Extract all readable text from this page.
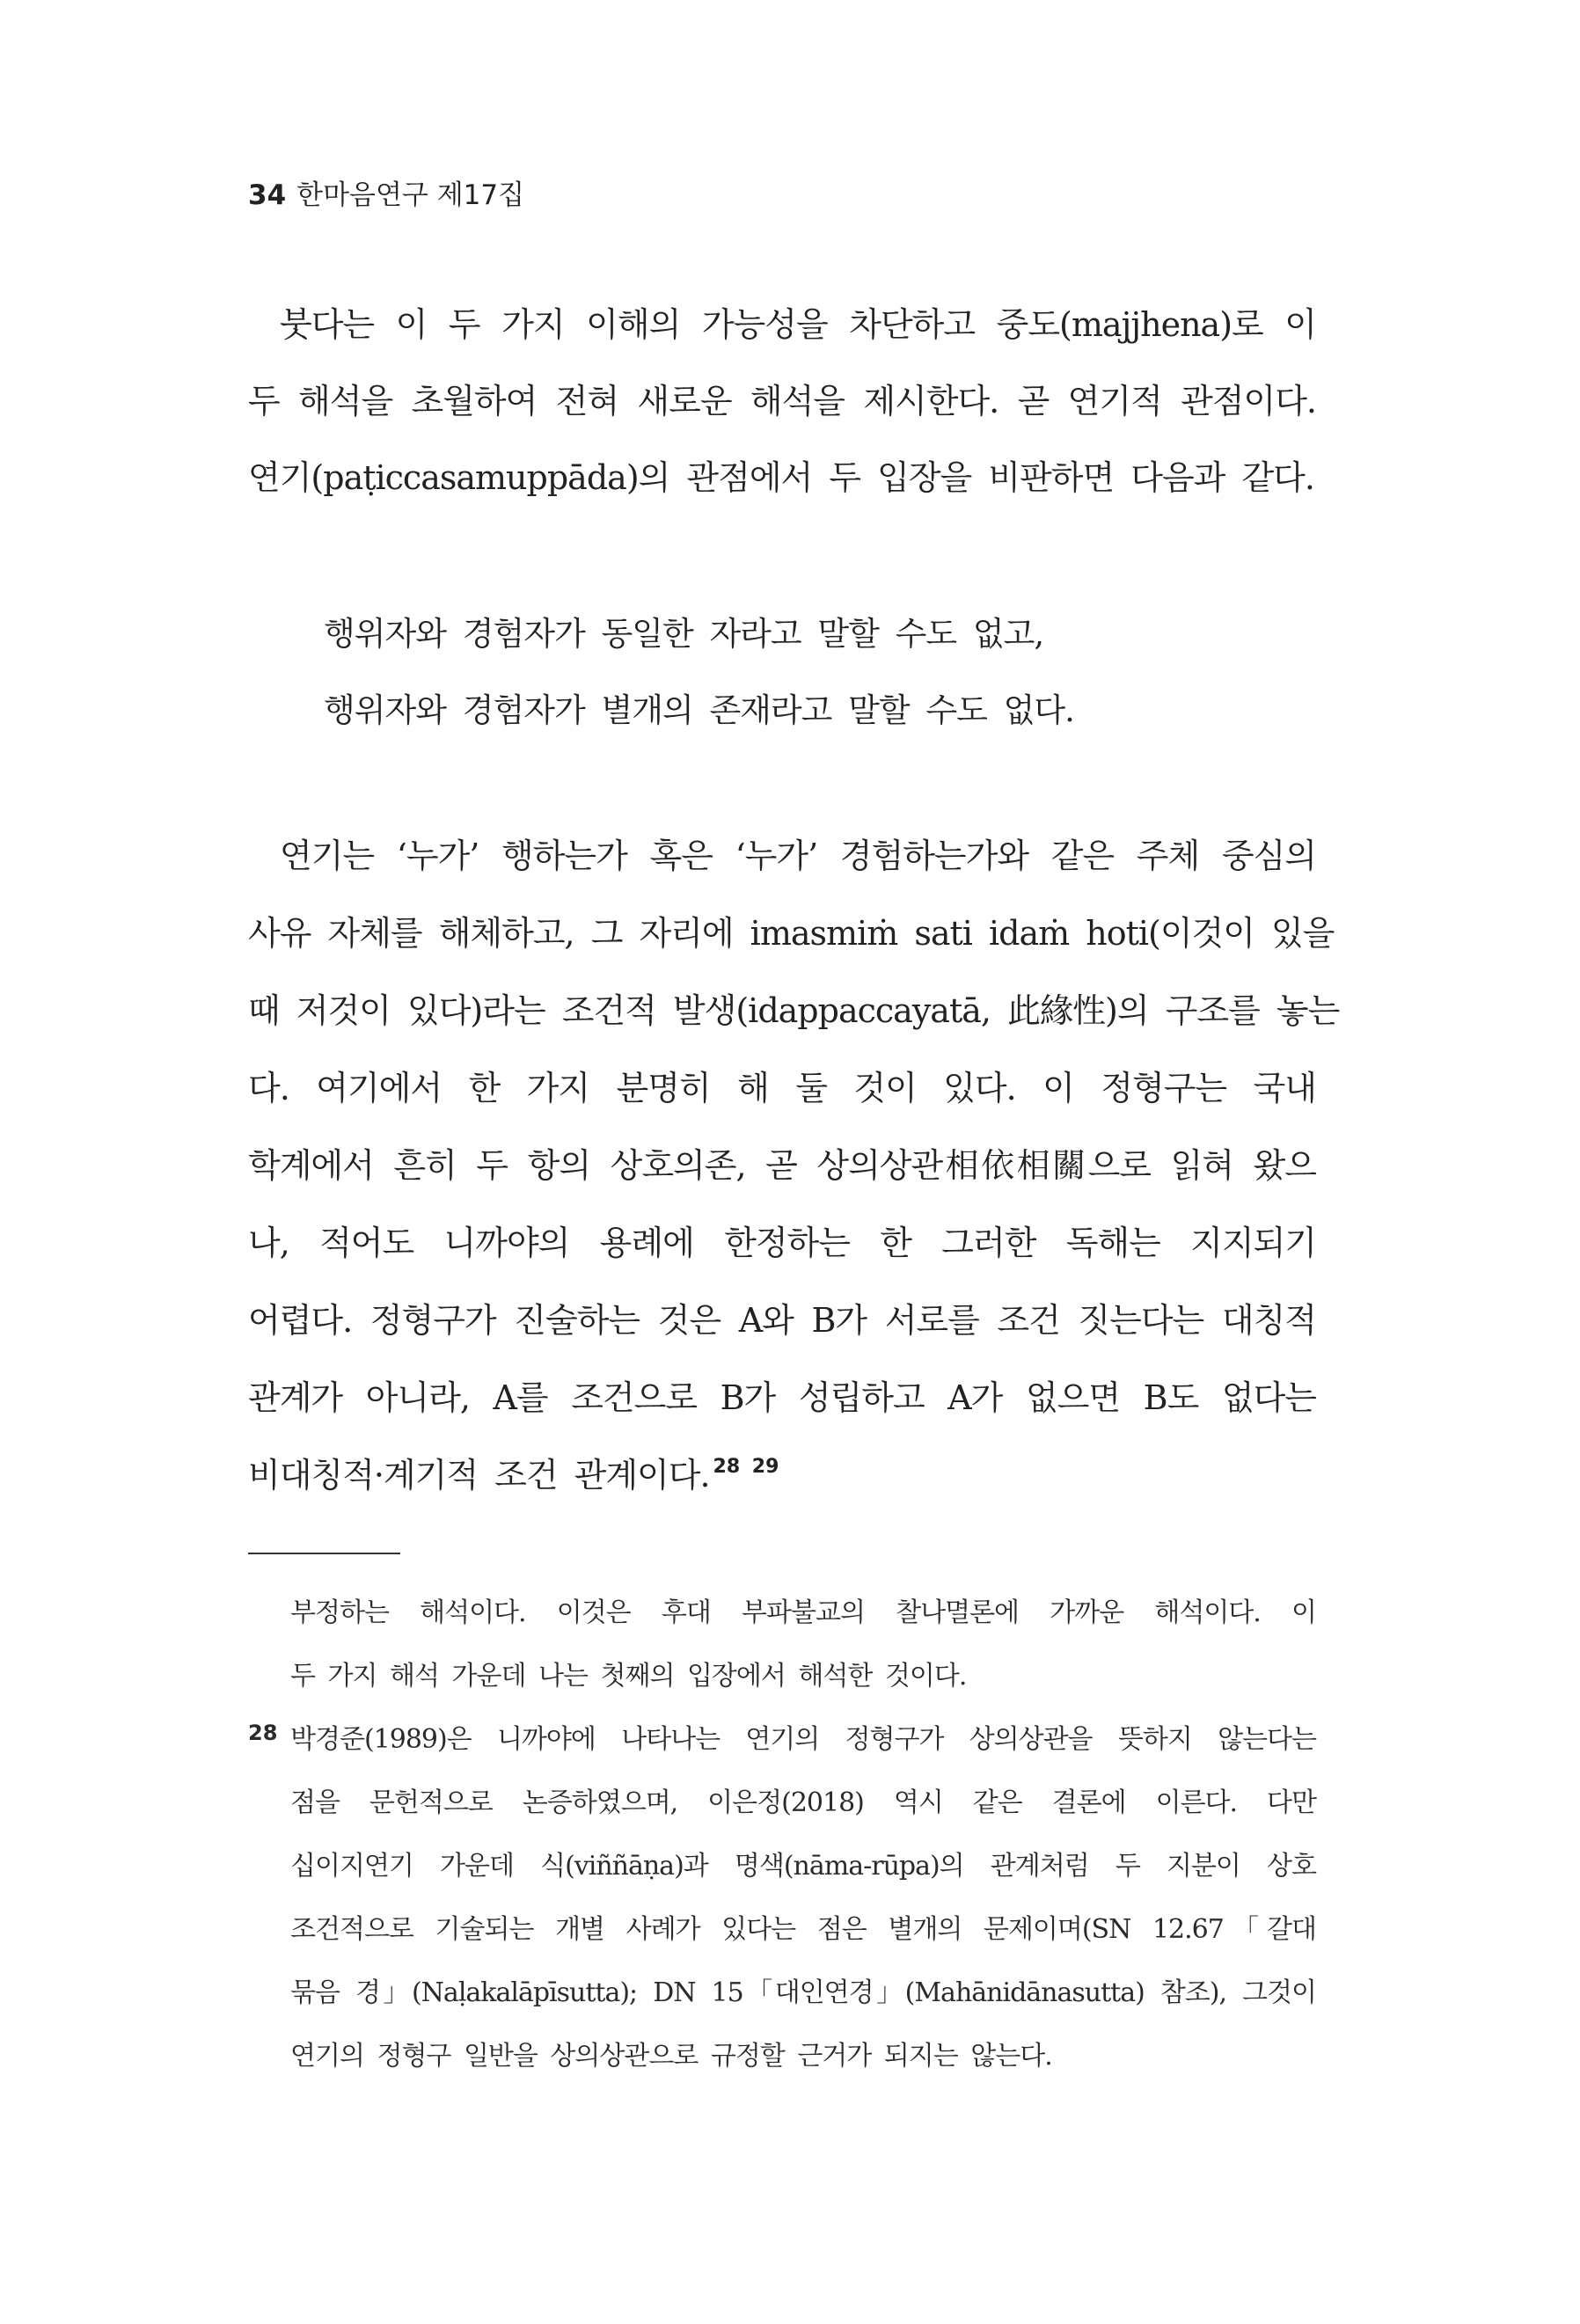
34 한마음연구 제17집
붓다는 이 두 가지 이해의 가능성을 차단하고 중도(majjhena)로 이
두 해석을 초월하여 전혀 새로운 해석을 제시한다. 곧 연기적 관점이다.
연기(paṭiccasamuppāda)의 관점에서 두 입장을 비판하면 다음과 같다.
행위자와 경험자가 동일한 자라고 말할 수도 없고,
행위자와 경험자가 별개의 존재라고 말할 수도 없다.
연기는 ‘누가’ 행하는가 혹은 ‘누가’ 경험하는가와 같은 주체 중심의
사유 자체를 해체하고, 그 자리에 imasmiṁ sati idaṁ hoti(이것이 있을
때 저것이 있다)라는 조건적 발생(idappaccayatā, 此緣性)의 구조를 놓는
다. 여기에서 한 가지 분명히 해 둘 것이 있다. 이 정형구는 국내
학계에서 흔히 두 항의 상호의존, 곧 상의상관相依相關으로 읽혀 왔으
나, 적어도 니까야의 용례에 한정하는 한 그러한 독해는 지지되기
어렵다. 정형구가 진술하는 것은 A와 B가 서로를 조건 짓는다는 대칭적
관계가 아니라, A를 조건으로 B가 성립하고 A가 없으면 B도 없다는
비대칭적·계기적 조건 관계이다. $^{28 29}$
부정하는 해석이다. 이것은 후대 부파불교의 찰나멸론에 가까운 해석이다. 이
두 가지 해석 가운데 나는 첫째의 입장에서 해석한 것이다.
28 박경준(1989)은 니까야에 나타나는 연기의 정형구가 상의상관을 뜻하지 않는다는
점을 문헌적으로 논증하였으며, 이은정(2018) 역시 같은 결론에 이른다. 다만
십이지연기 가운데 식(viññāṇa)과 명색(nāma-rūpa)의 관계처럼 두 지분이 상호
조건적으로 기술되는 개별 사례가 있다는 점은 별개의 문제이며(SN 12.67「갈대
묶음 경」(Naḷakalāpīsutta); DN 15「대인연경」(Mahānidānasutta) 참조), 그것이
연기의 정형구 일반을 상의상관으로 규정할 근거가 되지는 않는다.
